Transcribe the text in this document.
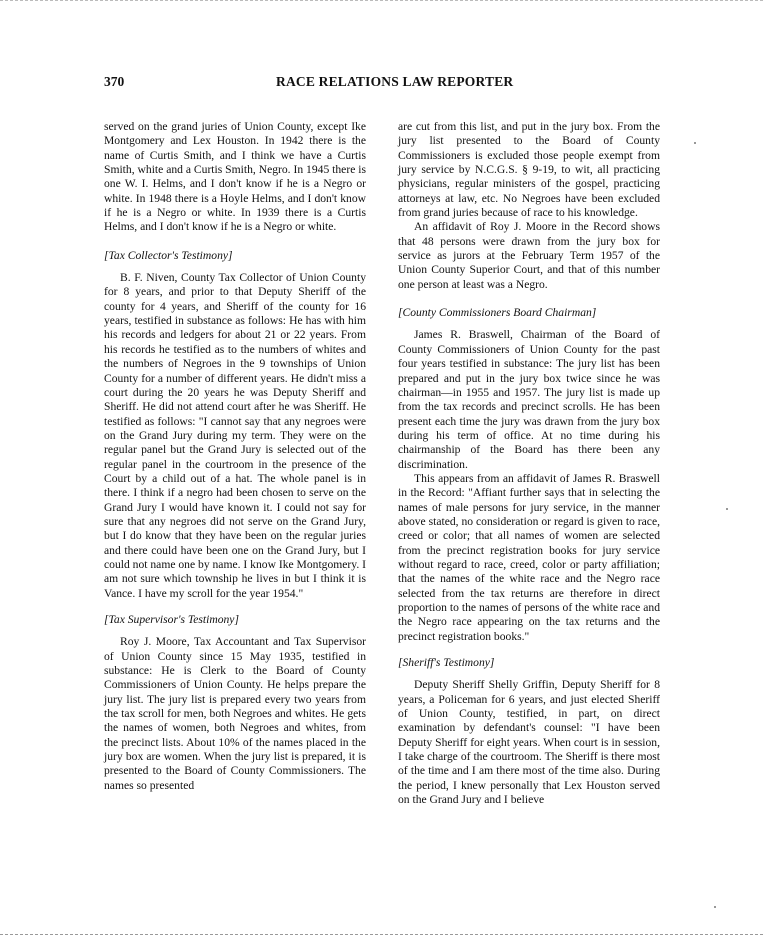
370	RACE RELATIONS LAW REPORTER

served on the grand juries of Union County, except Ike Montgomery and Lex Houston. In 1942 there is the name of Curtis Smith, and I think we have a Curtis Smith, white and a Curtis Smith, Negro. In 1945 there is one W. I. Helms, and I don't know if he is a Negro or white. In 1948 there is a Hoyle Helms, and I don't know if he is a Negro or white. In 1939 there is a Curtis Helms, and I don't know if he is a Negro or white.

[Tax Collector's Testimony]

B. F. Niven, County Tax Collector of Union County for 8 years, and prior to that Deputy Sheriff of the county for 4 years, and Sheriff of the county for 16 years, testified in substance as follows: He has with him his records and ledgers for about 21 or 22 years. From his records he testified as to the numbers of whites and the numbers of Negroes in the 9 townships of Union County for a number of different years. He didn't miss a court during the 20 years he was Deputy Sheriff and Sheriff. He did not attend court after he was Sheriff. He testified as follows: "I cannot say that any negroes were on the Grand Jury during my term. They were on the regular panel but the Grand Jury is selected out of the regular panel in the courtroom in the presence of the Court by a child out of a hat. The whole panel is in there. I think if a negro had been chosen to serve on the Grand Jury I would have known it. I could not say for sure that any negroes did not serve on the Grand Jury, but I do know that they have been on the regular juries and there could have been one on the Grand Jury, but I could not name one by name. I know Ike Montgomery. I am not sure which township he lives in but I think it is Vance. I have my scroll for the year 1954."

[Tax Supervisor's Testimony]

Roy J. Moore, Tax Accountant and Tax Supervisor of Union County since 15 May 1935, testified in substance: He is Clerk to the Board of County Commissioners of Union County. He helps prepare the jury list. The jury list is prepared every two years from the tax scroll for men, both Negroes and whites. He gets the names of women, both Negroes and whites, from the precinct lists. About 10% of the names placed in the jury box are women. When the jury list is prepared, it is presented to the Board of County Commissioners. The names so presented

are cut from this list, and put in the jury box. From the jury list presented to the Board of County Commissioners is excluded those people exempt from jury service by N.C.G.S. § 9-19, to wit, all practicing physicians, regular ministers of the gospel, practicing attorneys at law, etc. No Negroes have been excluded from grand juries because of race to his knowledge.

An affidavit of Roy J. Moore in the Record shows that 48 persons were drawn from the jury box for service as jurors at the February Term 1957 of the Union County Superior Court, and that of this number one person at least was a Negro.

[County Commissioners Board Chairman]

James R. Braswell, Chairman of the Board of County Commissioners of Union County for the past four years testified in substance: The jury list has been prepared and put in the jury box twice since he was chairman—in 1955 and 1957. The jury list is made up from the tax records and precinct scrolls. He has been present each time the jury was drawn from the jury box during his term of office. At no time during his chairmanship of the Board has there been any discrimination.

This appears from an affidavit of James R. Braswell in the Record: "Affiant further says that in selecting the names of male persons for jury service, in the manner above stated, no consideration or regard is given to race, creed or color; that all names of women are selected from the precinct registration books for jury service without regard to race, creed, color or party affiliation; that the names of the white race and the Negro race selected from the tax returns are therefore in direct proportion to the names of persons of the white race and the Negro race appearing on the tax returns and the precinct registration books."

[Sheriff's Testimony]

Deputy Sheriff Shelly Griffin, Deputy Sheriff for 8 years, a Policeman for 6 years, and just elected Sheriff of Union County, testified, in part, on direct examination by defendant's counsel: "I have been Deputy Sheriff for eight years. When court is in session, I take charge of the courtroom. The Sheriff is there most of the time and I am there most of the time also. During the period, I knew personally that Lex Houston served on the Grand Jury and I believe
